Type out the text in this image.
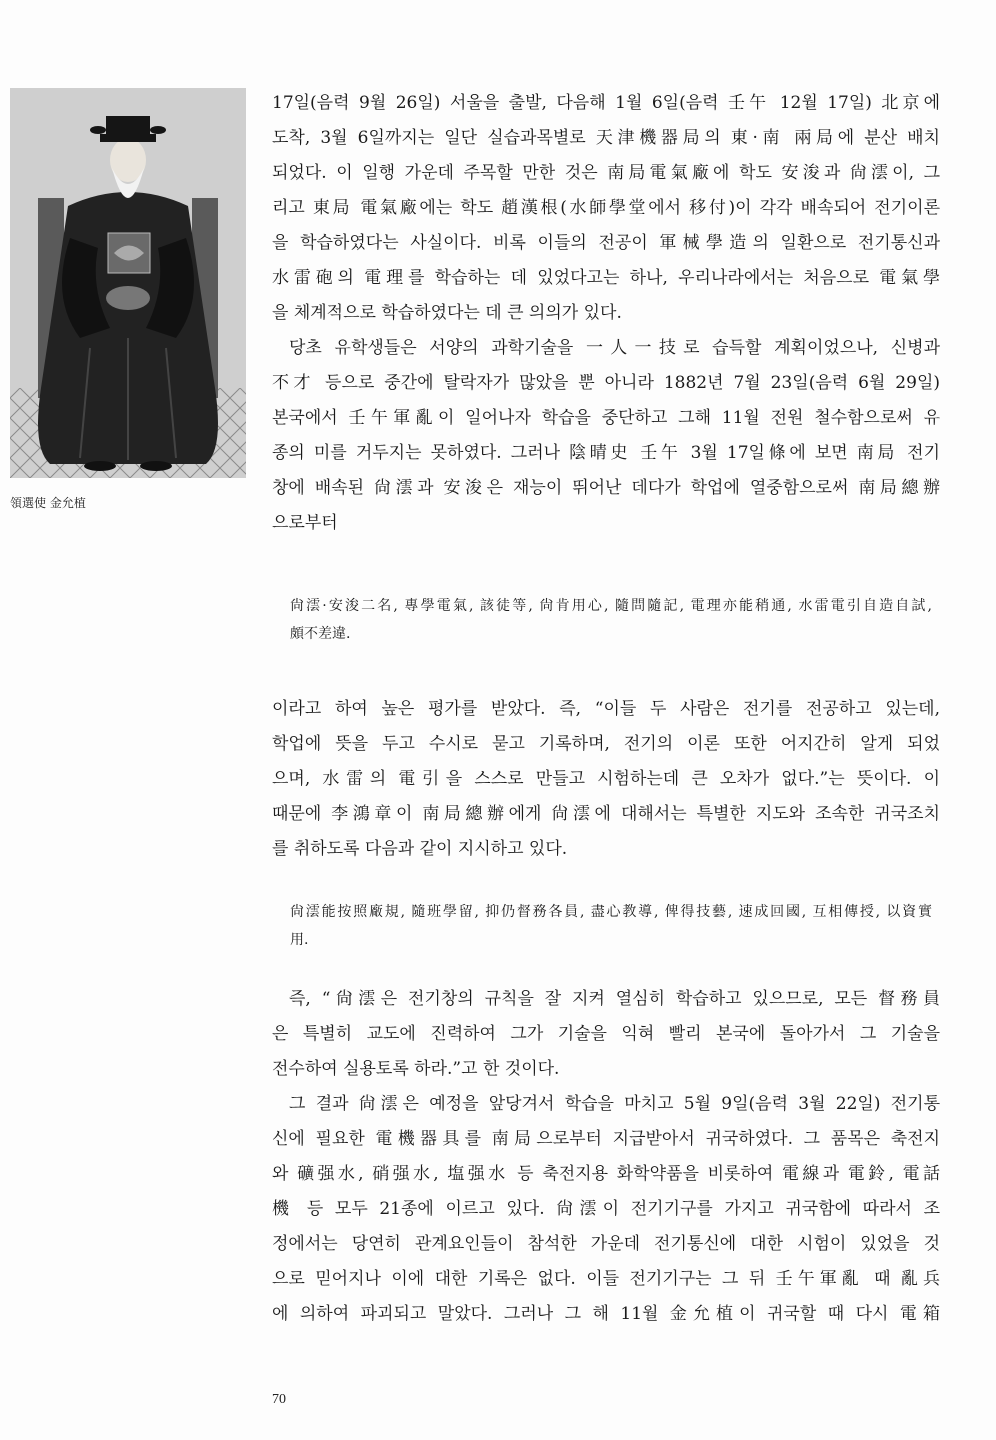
領選使 金允植
17일(음력 9월 26일) 서울을 출발, 다음해 1월 6일(음력 壬午 12월 17일) 北京에
도착, 3월 6일까지는 일단 실습과목별로 天津機器局의 東·南 兩局에 분산 배치
되었다. 이 일행 가운데 주목할 만한 것은 南局電氣廠에 학도 安浚과 尙澐이, 그
리고 東局 電氣廠에는 학도 趙漢根(水師學堂에서 移付)이 각각 배속되어 전기이론
을 학습하였다는 사실이다. 비록 이들의 전공이 軍械學造의 일환으로 전기통신과
水雷砲의 電理를 학습하는 데 있었다고는 하나, 우리나라에서는 처음으로 電氣學
을 체계적으로 학습하였다는 데 큰 의의가 있다.
당초 유학생들은 서양의 과학기술을 一人一技로 습득할 계획이었으나, 신병과
不才 등으로 중간에 탈락자가 많았을 뿐 아니라 1882년 7월 23일(음력 6월 29일)
본국에서 壬午軍亂이 일어나자 학습을 중단하고 그해 11월 전원 철수함으로써 유
종의 미를 거두지는 못하였다. 그러나 陰晴史 壬午 3월 17일條에 보면 南局 전기
창에 배속된 尙澐과 安浚은 재능이 뛰어난 데다가 학업에 열중함으로써 南局總辦
으로부터
尙澐·安浚二名, 專學電氣, 該徒等, 尙肯用心, 隨問隨記, 電理亦能稍通, 水雷電引自造自試,
頗不差違.
이라고 하여 높은 평가를 받았다. 즉, “이들 두 사람은 전기를 전공하고 있는데,
학업에 뜻을 두고 수시로 묻고 기록하며, 전기의 이론 또한 어지간히 알게 되었
으며, 水雷의 電引을 스스로 만들고 시험하는데 큰 오차가 없다.”는 뜻이다. 이
때문에 李鴻章이 南局總辦에게 尙澐에 대해서는 특별한 지도와 조속한 귀국조치
를 취하도록 다음과 같이 지시하고 있다.
尙澐能按照廠規, 隨班學留, 抑仍督務各員, 盡心教導, 俾得技藝, 速成回國, 互相傳授, 以資實
用.
즉, “尙澐은 전기창의 규칙을 잘 지켜 열심히 학습하고 있으므로, 모든 督務員
은 특별히 교도에 진력하여 그가 기술을 익혀 빨리 본국에 돌아가서 그 기술을
전수하여 실용토록 하라.”고 한 것이다.
그 결과 尙澐은 예정을 앞당겨서 학습을 마치고 5월 9일(음력 3월 22일) 전기통
신에 필요한 電機器具를 南局으로부터 지급받아서 귀국하였다. 그 품목은 축전지
와 礦强水, 硝强水, 塩强水 등 축전지용 화학약품을 비롯하여 電線과 電鈴, 電話
機 등 모두 21종에 이르고 있다. 尙澐이 전기기구를 가지고 귀국함에 따라서 조
정에서는 당연히 관계요인들이 참석한 가운데 전기통신에 대한 시험이 있었을 것
으로 믿어지나 이에 대한 기록은 없다. 이들 전기기구는 그 뒤 壬午軍亂 때 亂兵
에 의하여 파괴되고 말았다. 그러나 그 해 11월 金允植이 귀국할 때 다시 電箱
70
